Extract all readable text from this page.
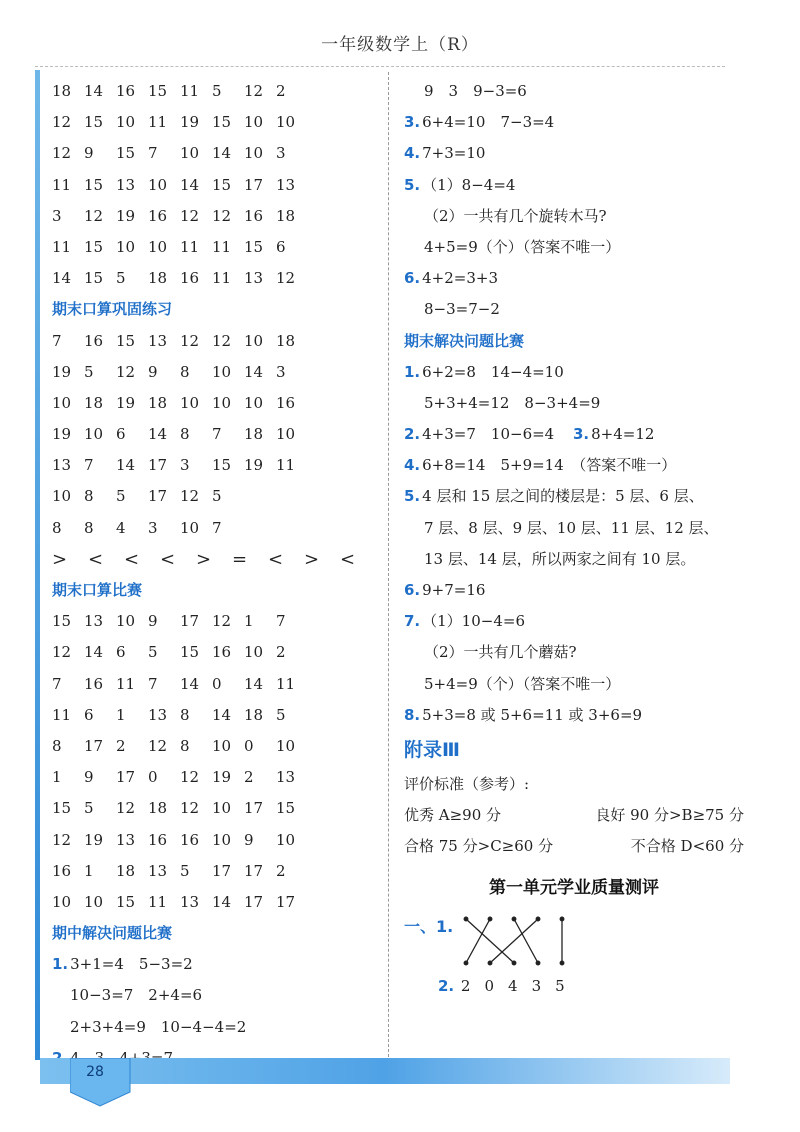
一年级数学上（R）
18 14 16 15 11 5 12 2
12 15 10 11 19 15 10 10
12 9 15 7 10 14 10 3
11 15 13 10 14 15 17 13
3 12 19 16 12 12 16 18
11 15 10 10 11 11 15 6
14 15 5 18 16 11 13 12
期末口算巩固练习
7 16 15 13 12 12 10 18
19 5 12 9 8 10 14 3
10 18 19 18 10 10 10 16
19 10 6 14 8 7 18 10
13 7 14 17 3 15 19 11
10 8 5 17 12 5
8 8 4 3 10 7
> < < < > = < > <
期末口算比赛
15 13 10 9 17 12 1 7
12 14 6 5 15 16 10 2
7 16 11 7 14 0 14 11
11 6 1 13 8 14 18 5
8 17 2 12 8 10 0 10
1 9 17 0 12 19 2 13
15 5 12 18 12 10 17 15
12 19 13 16 16 10 9 10
16 1 18 13 5 17 17 2
10 10 15 11 13 14 17 17
期中解决问题比赛
1. 3+1=4　5−3=2
10−3=7　2+4=6
2+3+4=9　10−4−4=2
9　3　9−3=6
3. 6+4=10　7−3=4
4. 7+3=10
5. （1）8−4=4
（2）一共有几个旋转木马?
4+5=9（个）（答案不唯一）
6. 4+2=3+3
8−3=7−2
期末解决问题比赛
1. 6+2=8　14−4=10
5+3+4=12　8−3+4=9
2. 4+3=7　10−6=4 3. 8+4=12
4. 6+8=14　5+9=14　（答案不唯一）
5. 4 层和 15 层之间的楼层是：5 层、6 层、
7 层、8 层、9 层、10 层、11 层、12 层、
13 层、14 层，所以两家之间有 10 层。
6. 9+7=16
7. （1）10−4=6
（2）一共有几个蘑菇?
5+4=9（个）（答案不唯一）
8. 5+3=8 或 5+6=11 或 3+6=9
附录Ⅲ
评价标准（参考）:
优秀 A≥90 分	良好 90 分>B≥75 分
合格 75 分>C≥60 分	不合格 D<60 分
第一单元学业质量测评
一、1.
2. 2 0 4 3 5
28
